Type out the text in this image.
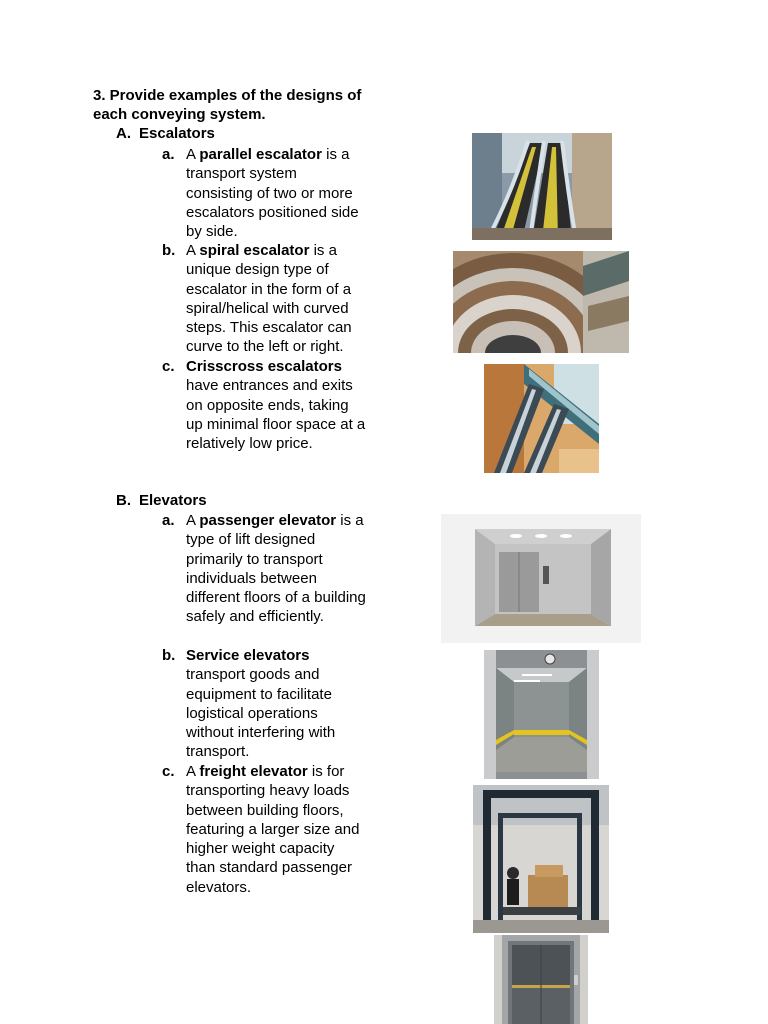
3. Provide examples of the designs of each conveying system.
A. Escalators
a. A parallel escalator is a transport system consisting of two or more escalators positioned side by side.
b. A spiral escalator is a unique design type of escalator in the form of a spiral/helical with curved steps. This escalator can curve to the left or right.
c. Crisscross escalators have entrances and exits on opposite ends, taking up minimal floor space at a relatively low price.
B. Elevators
a. A passenger elevator is a type of lift designed primarily to transport individuals between different floors of a building safely and efficiently.
b. Service elevators transport goods and equipment to facilitate logistical operations without interfering with transport.
c. A freight elevator is for transporting heavy loads between building floors, featuring a larger size and higher weight capacity than standard passenger elevators.
